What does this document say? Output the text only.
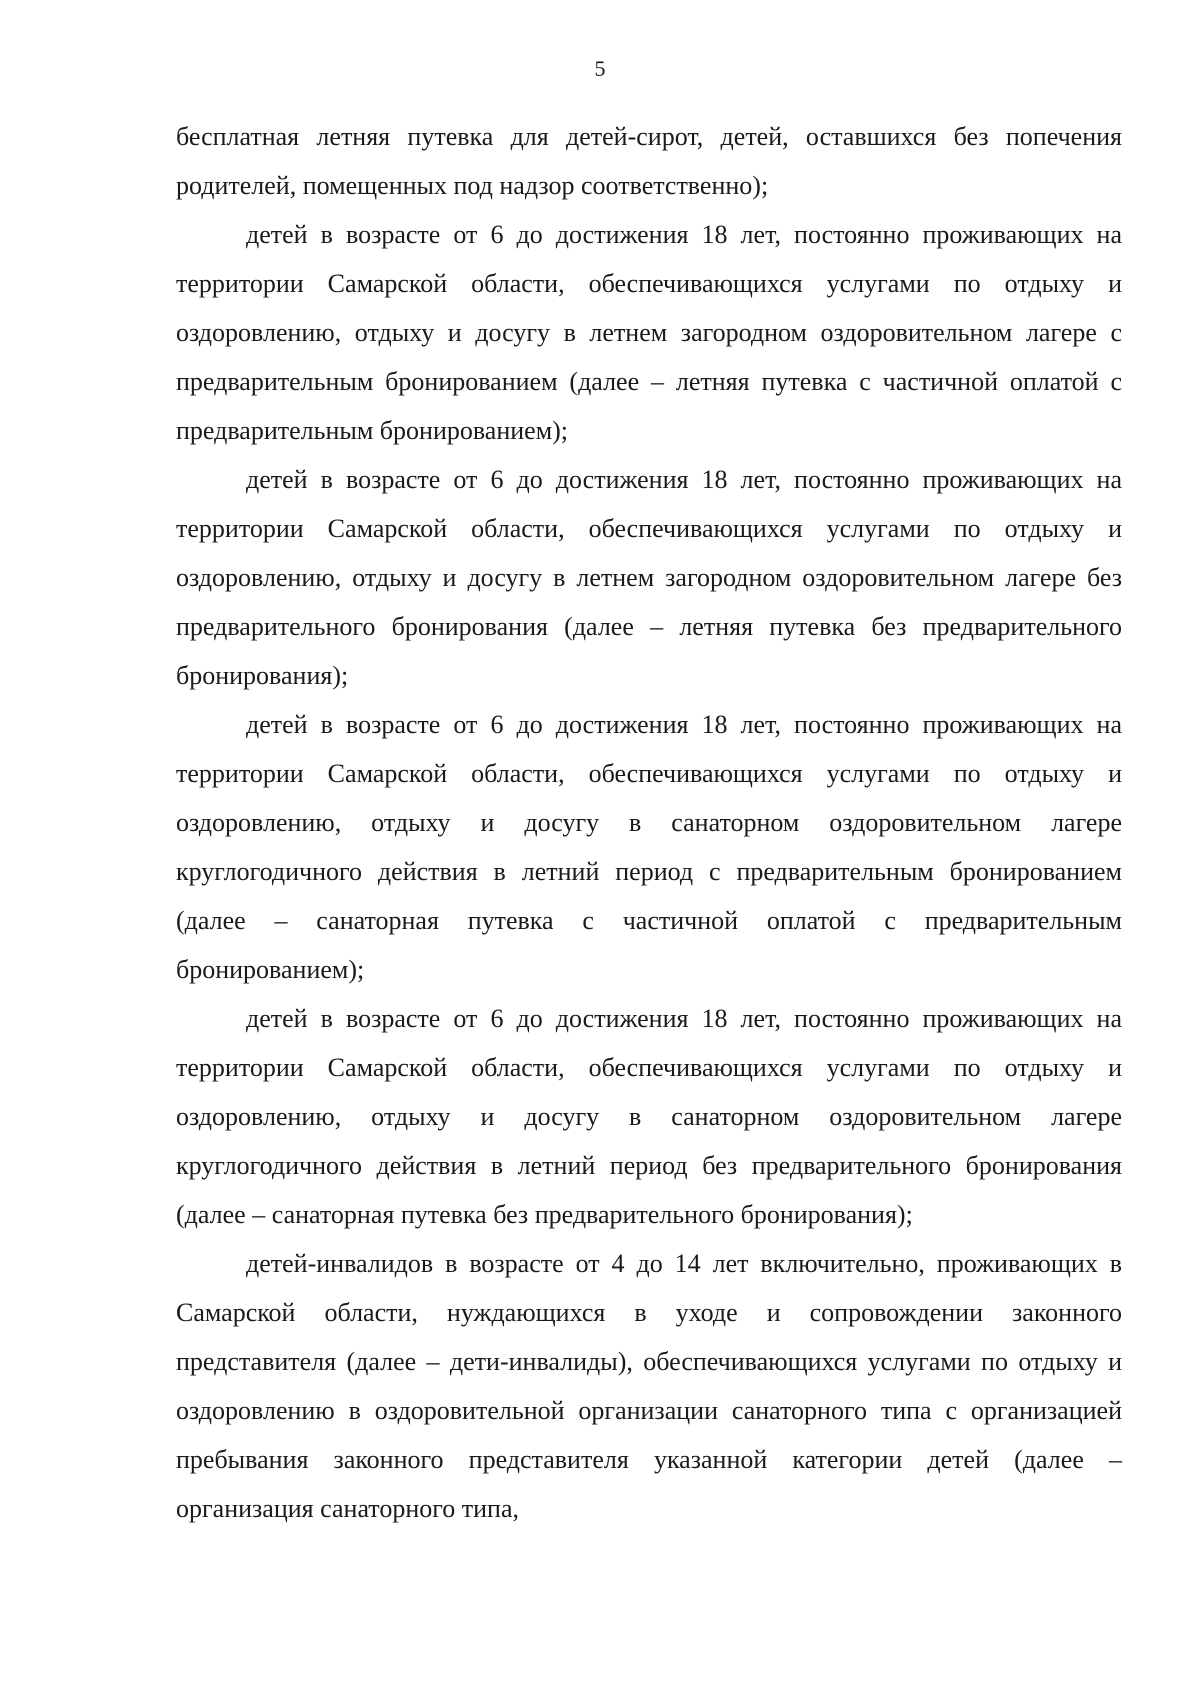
5

бесплатная летняя путевка для детей-сирот, детей, оставшихся без попечения родителей, помещенных под надзор соответственно);

детей в возрасте от 6 до достижения 18 лет, постоянно проживающих на территории Самарской области, обеспечивающихся услугами по отдыху и оздоровлению, отдыху и досугу в летнем загородном оздоровительном лагере с предварительным бронированием (далее – летняя путевка с частичной оплатой с предварительным бронированием);

детей в возрасте от 6 до достижения 18 лет, постоянно проживающих на территории Самарской области, обеспечивающихся услугами по отдыху и оздоровлению, отдыху и досугу в летнем загородном оздоровительном лагере без предварительного бронирования (далее – летняя путевка без предварительного бронирования);

детей в возрасте от 6 до достижения 18 лет, постоянно проживающих на территории Самарской области, обеспечивающихся услугами по отдыху и оздоровлению, отдыху и досугу в санаторном оздоровительном лагере круглогодичного действия в летний период с предварительным бронированием (далее – санаторная путевка с частичной оплатой с предварительным бронированием);

детей в возрасте от 6 до достижения 18 лет, постоянно проживающих на территории Самарской области, обеспечивающихся услугами по отдыху и оздоровлению, отдыху и досугу в санаторном оздоровительном лагере круглогодичного действия в летний период без предварительного бронирования (далее – санаторная путевка без предварительного бронирования);

детей-инвалидов в возрасте от 4 до 14 лет включительно, проживающих в Самарской области, нуждающихся в уходе и сопровождении законного представителя (далее – дети-инвалиды), обеспечивающихся услугами по отдыху и оздоровлению в оздоровительной организации санаторного типа с организацией пребывания законного представителя указанной категории детей (далее – организация санаторного типа,
